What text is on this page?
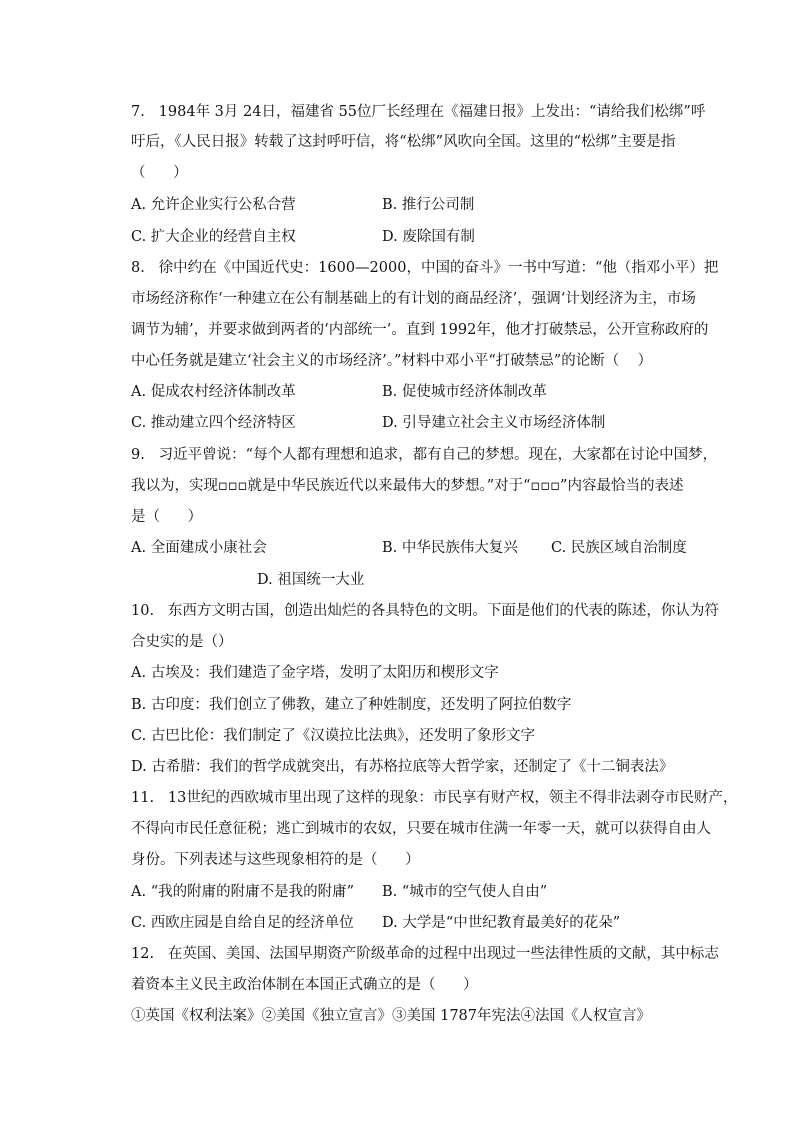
7.   1984年 3月 24日，福建省 55位厂长经理在《福建日报》上发出：“请给我们松绑”呼
吁后，《人民日报》转载了这封呼吁信，将“松绑”风吹向全国。这里的“松绑”主要是指
（      ）
A. 允许企业实行公私合营	B. 推行公司制
C. 扩大企业的经营自主权	D. 废除国有制
8.   徐中约在《中国近代史：1600—2000，中国的奋斗》一书中写道：“他（指邓小平）把
市场经济称作‘一种建立在公有制基础上的有计划的商品经济’，强调‘计划经济为主，市场
调节为辅’，并要求做到两者的‘内部统一’。直到 1992年，他才打破禁忌，公开宣称政府的
中心任务就是建立‘社会主义的市场经济’。”材料中邓小平“打破禁忌”的论断（    ）
A. 促成农村经济体制改革	B. 促使城市经济体制改革
C. 推动建立四个经济特区	D. 引导建立社会主义市场经济体制
9.   习近平曾说：“每个人都有理想和追求，都有自己的梦想。现在，大家都在讨论中国梦，
我以为，实现▫▫▫就是中华民族近代以来最伟大的梦想。”对于“▫▫▫”内容最恰当的表述
是（      ）
A. 全面建成小康社会	B. 中华民族伟大复兴 C. 民族区域自治制度
D. 祖国统一大业
10.   东西方文明古国，创造出灿烂的各具特色的文明。下面是他们的代表的陈述，你认为符
合史实的是（）
A. 古埃及：我们建造了金字塔，发明了太阳历和楔形文字
B. 古印度：我们创立了佛教，建立了种姓制度，还发明了阿拉伯数字
C. 古巴比伦：我们制定了《汉谟拉比法典》，还发明了象形文字
D. 古希腊：我们的哲学成就突出，有苏格拉底等大哲学家，还制定了《十二铜表法》
11.   13世纪的西欧城市里出现了这样的现象：市民享有财产权，领主不得非法剥夺市民财产，
不得向市民任意征税；逃亡到城市的农奴，只要在城市住满一年零一天，就可以获得自由人
身份。下列表述与这些现象相符的是（      ）
A. “我的附庸的附庸不是我的附庸” B. “城市的空气使人自由”
C. 西欧庄园是自给自足的经济单位 D. 大学是“中世纪教育最美好的花朵”
12.   在英国、美国、法国早期资产阶级革命的过程中出现过一些法律性质的文献，其中标志
着资本主义民主政治体制在本国正式确立的是（      ）
①英国《权利法案》②美国《独立宣言》③美国 1787年宪法④法国《人权宣言》
